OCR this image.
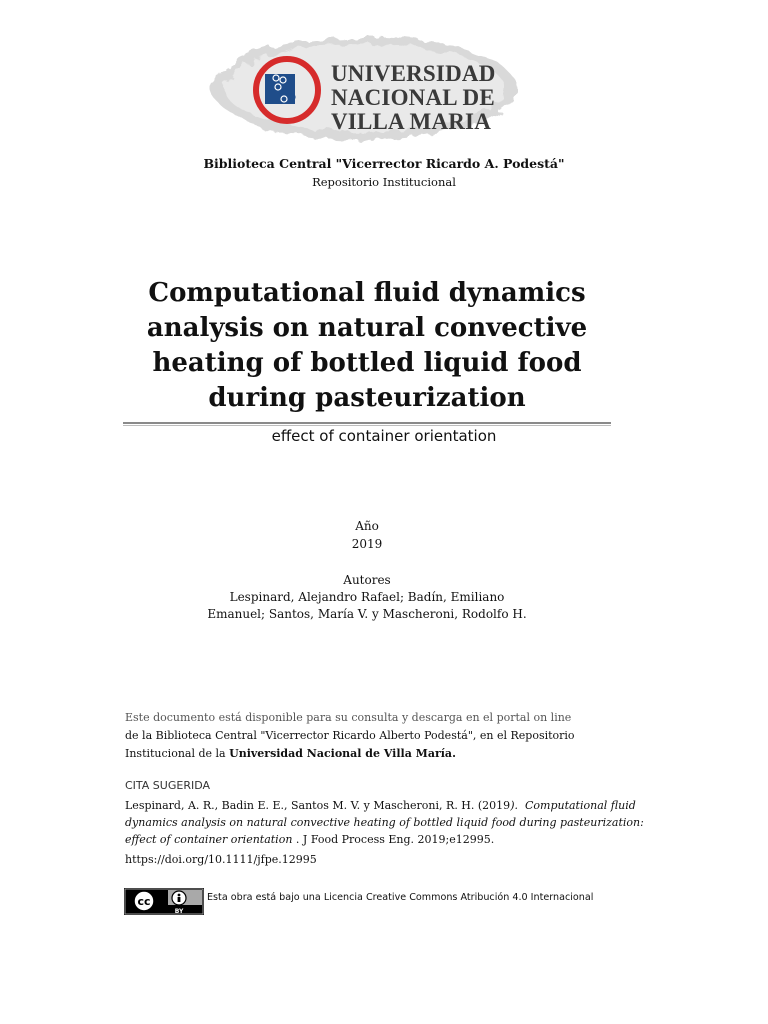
UNIVERSIDAD
NACIONAL DE
VILLA MARIA
Biblioteca Central "Vicerrector Ricardo A. Podestá"
Repositorio Institucional
Computational fluid dynamics analysis on natural convective heating of bottled liquid food during pasteurization
effect of container orientation
Año
2019
Autores
Lespinard, Alejandro Rafael; Badín, Emiliano
Emanuel; Santos, María V. y Mascheroni, Rodolfo H.
Este documento está disponible para su consulta y descarga en el portal on line
de la Biblioteca Central "Vicerrector Ricardo Alberto Podestá", en el Repositorio
Institucional de la Universidad Nacional de Villa María.
CITA SUGERIDA
Lespinard, A. R., Badin E. E., Santos M. V. y Mascheroni, R. H. (2019). Computational fluid dynamics analysis on natural convective heating of bottled liquid food during pasteurization: effect of container orientation . J Food Process Eng. 2019;e12995.
https://doi.org/10.1111/jfpe.12995
cc
BY
Esta obra está bajo una Licencia Creative Commons Atribución 4.0 Internacional
